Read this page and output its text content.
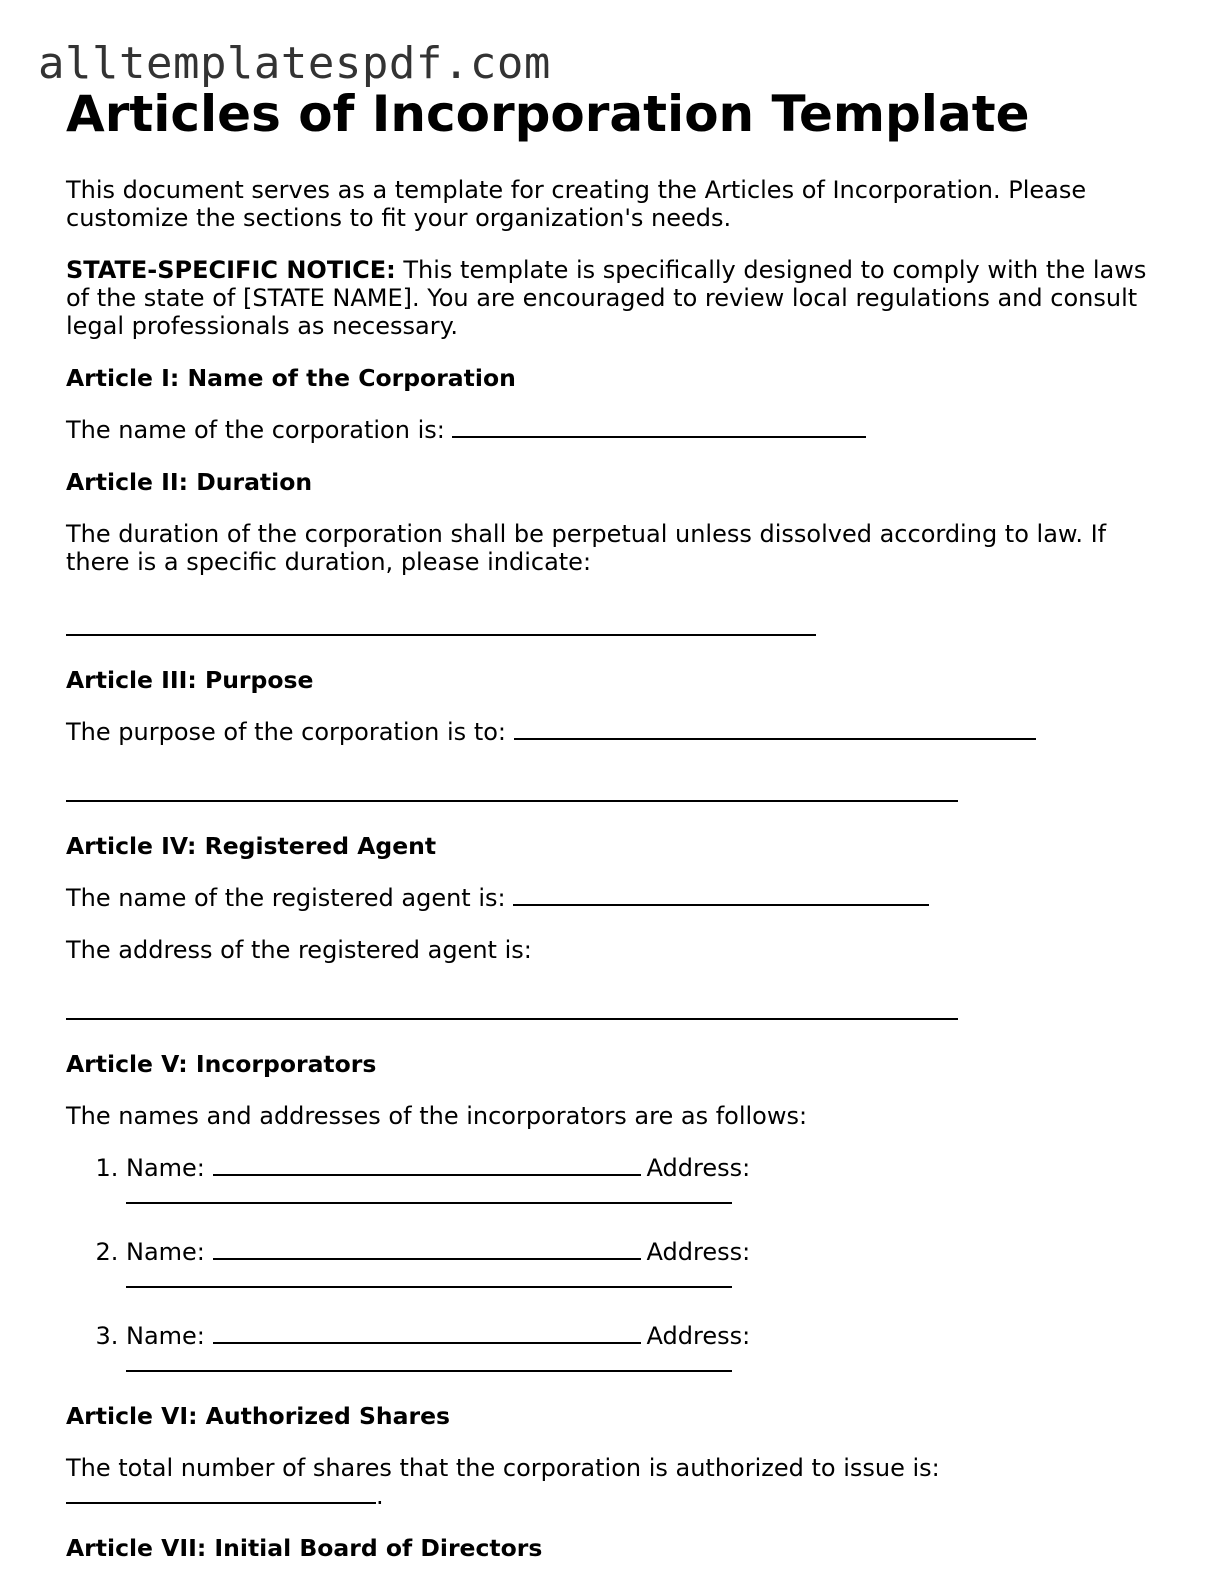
alltemplatespdf.com
Articles of Incorporation Template

This document serves as a template for creating the Articles of Incorporation. Please customize the sections to fit your organization's needs.

STATE-SPECIFIC NOTICE: This template is specifically designed to comply with the laws of the state of [STATE NAME]. You are encouraged to review local regulations and consult legal professionals as necessary.

Article I: Name of the Corporation

The name of the corporation is:

Article II: Duration

The duration of the corporation shall be perpetual unless dissolved according to law. If there is a specific duration, please indicate:

Article III: Purpose

The purpose of the corporation is to:

Article IV: Registered Agent

The name of the registered agent is:

The address of the registered agent is:

Article V: Incorporators

The names and addresses of the incorporators are as follows:

1. Name:	Address:

2. Name:	Address:

3. Name:	Address:

Article VI: Authorized Shares

The total number of shares that the corporation is authorized to issue is:
.

Article VII: Initial Board of Directors
